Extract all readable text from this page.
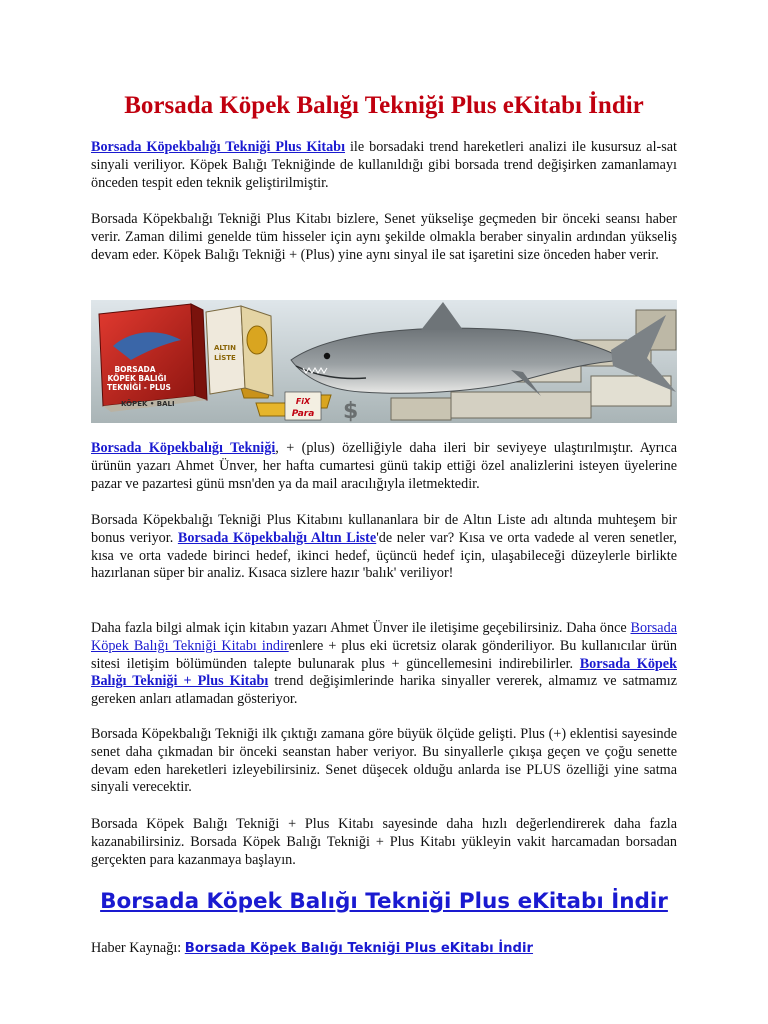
Borsada Köpek Balığı Tekniği Plus eKitabı İndir

Borsada Köpekbalığı Tekniği Plus Kitabı ile borsadaki trend hareketleri analizi ile kusursuz al-sat sinyali veriliyor. Köpek Balığı Tekniğinde de kullanıldığı gibi borsada trend değişirken zamanlamayı önceden tespit eden teknik geliştirilmiştir.

Borsada Köpekbalığı Tekniği Plus Kitabı bizlere, Senet yükselişe geçmeden bir önceki seansı haber verir. Zaman dilimi genelde tüm hisseler için aynı şekilde olmakla beraber sinyalin ardından yükseliş devam eder. Köpek Balığı Tekniği + (Plus) yine aynı sinyal ile sat işaretini size önceden haber verir.

$
BORSADA
KÖPEK BALIĞI
TEKNİĞİ - PLUS
KÖPEK • BALI
ALTIN
LİSTE
FiX
Para

Borsada Köpekbalığı Tekniği, + (plus) özelliğiyle daha ileri bir seviyeye ulaştırılmıştır. Ayrıca ürünün yazarı Ahmet Ünver, her hafta cumartesi günü takip ettiği özel analizlerini isteyen üyelerine pazar ve pazartesi günü msn'den ya da mail aracılığıyla iletmektedir.

Borsada Köpekbalığı Tekniği Plus Kitabını kullananlara bir de Altın Liste adı altında muhteşem bir bonus veriyor. Borsada Köpekbalığı Altın Liste'de neler var? Kısa ve orta vadede al veren senetler, kısa ve orta vadede birinci hedef, ikinci hedef, üçüncü hedef için, ulaşabileceği düzeylerle birlikte hazırlanan süper bir analiz. Kısaca sizlere hazır 'balık' veriliyor!

Daha fazla bilgi almak için kitabın yazarı Ahmet Ünver ile iletişime geçebilirsiniz. Daha önce Borsada Köpek Balığı Tekniği Kitabı indirenlere + plus eki ücretsiz olarak gönderiliyor. Bu kullanıcılar ürün sitesi iletişim bölümünden talepte bulunarak plus + güncellemesini indirebilirler. Borsada Köpek Balığı Tekniği + Plus Kitabı trend değişimlerinde harika sinyaller vererek, almamız ve satmamız gereken anları atlamadan gösteriyor.

Borsada Köpekbalığı Tekniği ilk çıktığı zamana göre büyük ölçüde gelişti. Plus (+) eklentisi sayesinde senet daha çıkmadan bir önceki seanstan haber veriyor. Bu sinyallerle çıkışa geçen ve çoğu senette devam eden hareketleri izleyebilirsiniz. Senet düşecek olduğu anlarda ise PLUS özelliği yine satma sinyali verecektir.

Borsada Köpek Balığı Tekniği + Plus Kitabı sayesinde daha hızlı değerlendirerek daha fazla kazanabilirsiniz. Borsada Köpek Balığı Tekniği + Plus Kitabı yükleyin vakit harcamadan borsadan gerçekten para kazanmaya başlayın.

Borsada Köpek Balığı Tekniği Plus eKitabı İndir
Haber Kaynağı: Borsada Köpek Balığı Tekniği Plus eKitabı İndir
